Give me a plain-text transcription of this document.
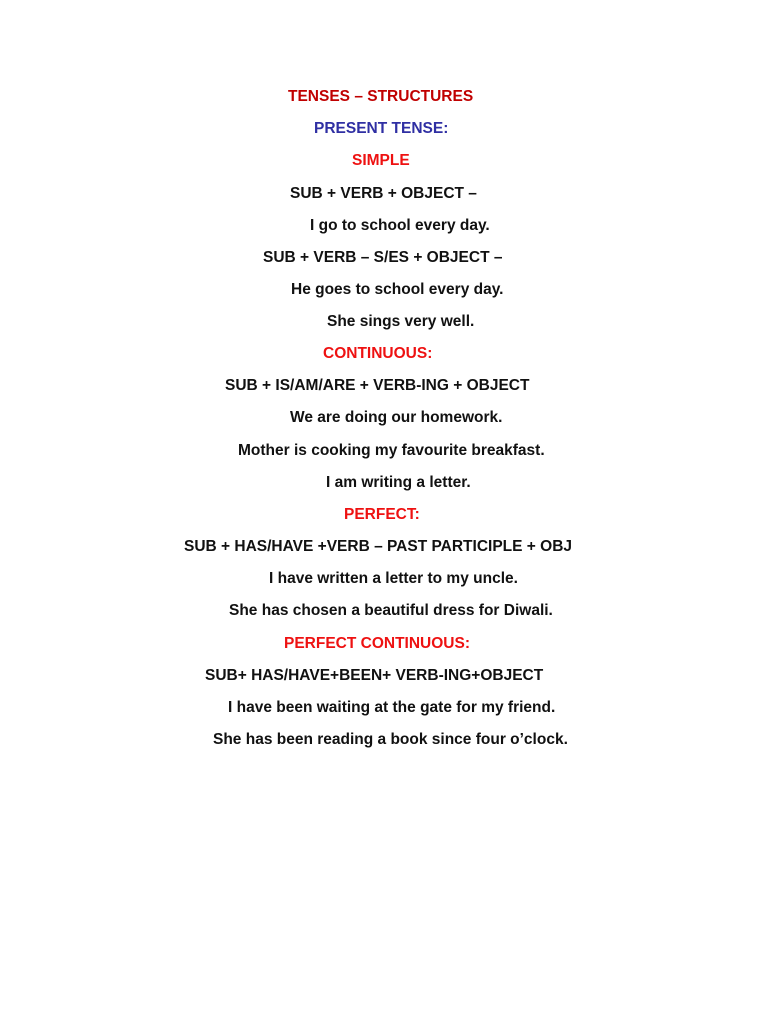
TENSES – STRUCTURES
PRESENT TENSE:
SIMPLE
SUB + VERB + OBJECT –
I go to school every day.
SUB + VERB – S/ES + OBJECT –
He goes to school every day.
She sings very well.
CONTINUOUS:
SUB + IS/AM/ARE + VERB-ING + OBJECT
We are doing our homework.
Mother is cooking my favourite breakfast.
I am writing a letter.
PERFECT:
SUB + HAS/HAVE +VERB – PAST PARTICIPLE + OBJ
I have written a letter to my uncle.
She has chosen a beautiful dress for Diwali.
PERFECT CONTINUOUS:
SUB+ HAS/HAVE+BEEN+ VERB-ING+OBJECT
I have been waiting at the gate for my friend.
She has been reading a book since four o’clock.
